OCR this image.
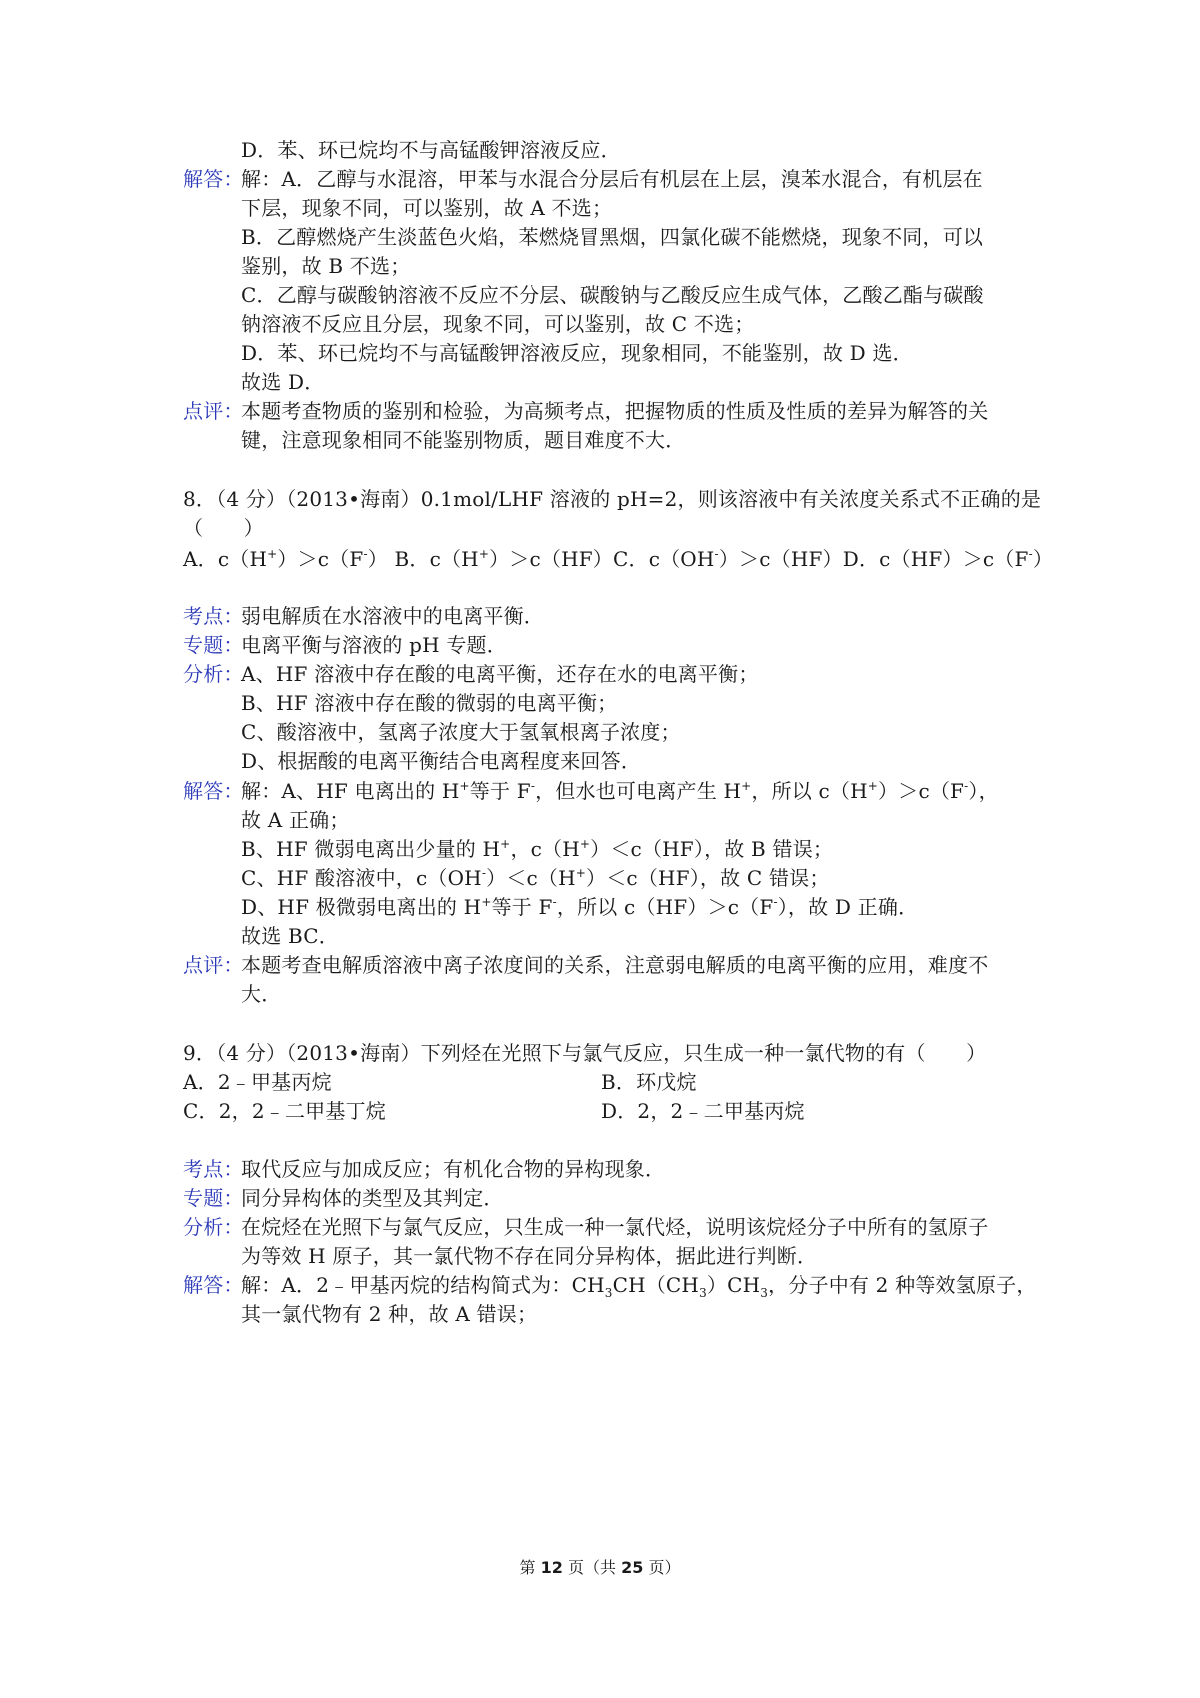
D．苯、环已烷均不与高锰酸钾溶液反应．
解答：
解：A．乙醇与水混溶，甲苯与水混合分层后有机层在上层，溴苯水混合，有机层在
下层，现象不同，可以鉴别，故 A 不选；
B．乙醇燃烧产生淡蓝色火焰，苯燃烧冒黑烟，四氯化碳不能燃烧，现象不同，可以
鉴别，故 B 不选；
C．乙醇与碳酸钠溶液不反应不分层、碳酸钠与乙酸反应生成气体，乙酸乙酯与碳酸
钠溶液不反应且分层，现象不同，可以鉴别，故 C 不选；
D．苯、环已烷均不与高锰酸钾溶液反应，现象相同，不能鉴别，故 D 选．
故选 D．
点评：
本题考查物质的鉴别和检验，为高频考点，把握物质的性质及性质的差异为解答的关
键，注意现象相同不能鉴别物质，题目难度不大．
8．（4 分）（2013•海南）0.1mol/LHF 溶液的 pH=2，则该溶液中有关浓度关系式不正确的是
（　　）
A．c（H+）＞c（F-） B．c（H+）＞c（HF）C．c（OH-）＞c（HF）D．c（HF）＞c（F-）
考点：
弱电解质在水溶液中的电离平衡．
专题：
电离平衡与溶液的 pH 专题．
分析：
A、HF 溶液中存在酸的电离平衡，还存在水的电离平衡；
B、HF 溶液中存在酸的微弱的电离平衡；
C、酸溶液中，氢离子浓度大于氢氧根离子浓度；
D、根据酸的电离平衡结合电离程度来回答．
解答：
解：A、HF 电离出的 H+等于 F-，但水也可电离产生 H+，所以 c（H+）＞c（F-），
故 A 正确；
B、HF 微弱电离出少量的 H+，c（H+）＜c（HF），故 B 错误；
C、HF 酸溶液中，c（OH-）＜c（H+）＜c（HF），故 C 错误；
D、HF 极微弱电离出的 H+等于 F-，所以 c（HF）＞c（F-），故 D 正确．
故选 BC．
点评：
本题考查电解质溶液中离子浓度间的关系，注意弱电解质的电离平衡的应用，难度不
大．
9．（4 分）（2013•海南）下列烃在光照下与氯气反应，只生成一种一氯代物的有（　　）
A．2﹣甲基丙烷	B．环戊烷
C．2，2﹣二甲基丁烷	D．2，2﹣二甲基丙烷
考点：
取代反应与加成反应；有机化合物的异构现象．
专题：
同分异构体的类型及其判定．
分析：
在烷烃在光照下与氯气反应，只生成一种一氯代烃，说明该烷烃分子中所有的氢原子
为等效 H 原子，其一氯代物不存在同分异构体，据此进行判断．
解答：
解：A．2﹣甲基丙烷的结构简式为：$CH_3CH(CH_3)CH_3$，分子中有 2 种等效氢原子，
其一氯代物有 2 种，故 A 错误；
第 12 页（共 25 页）
